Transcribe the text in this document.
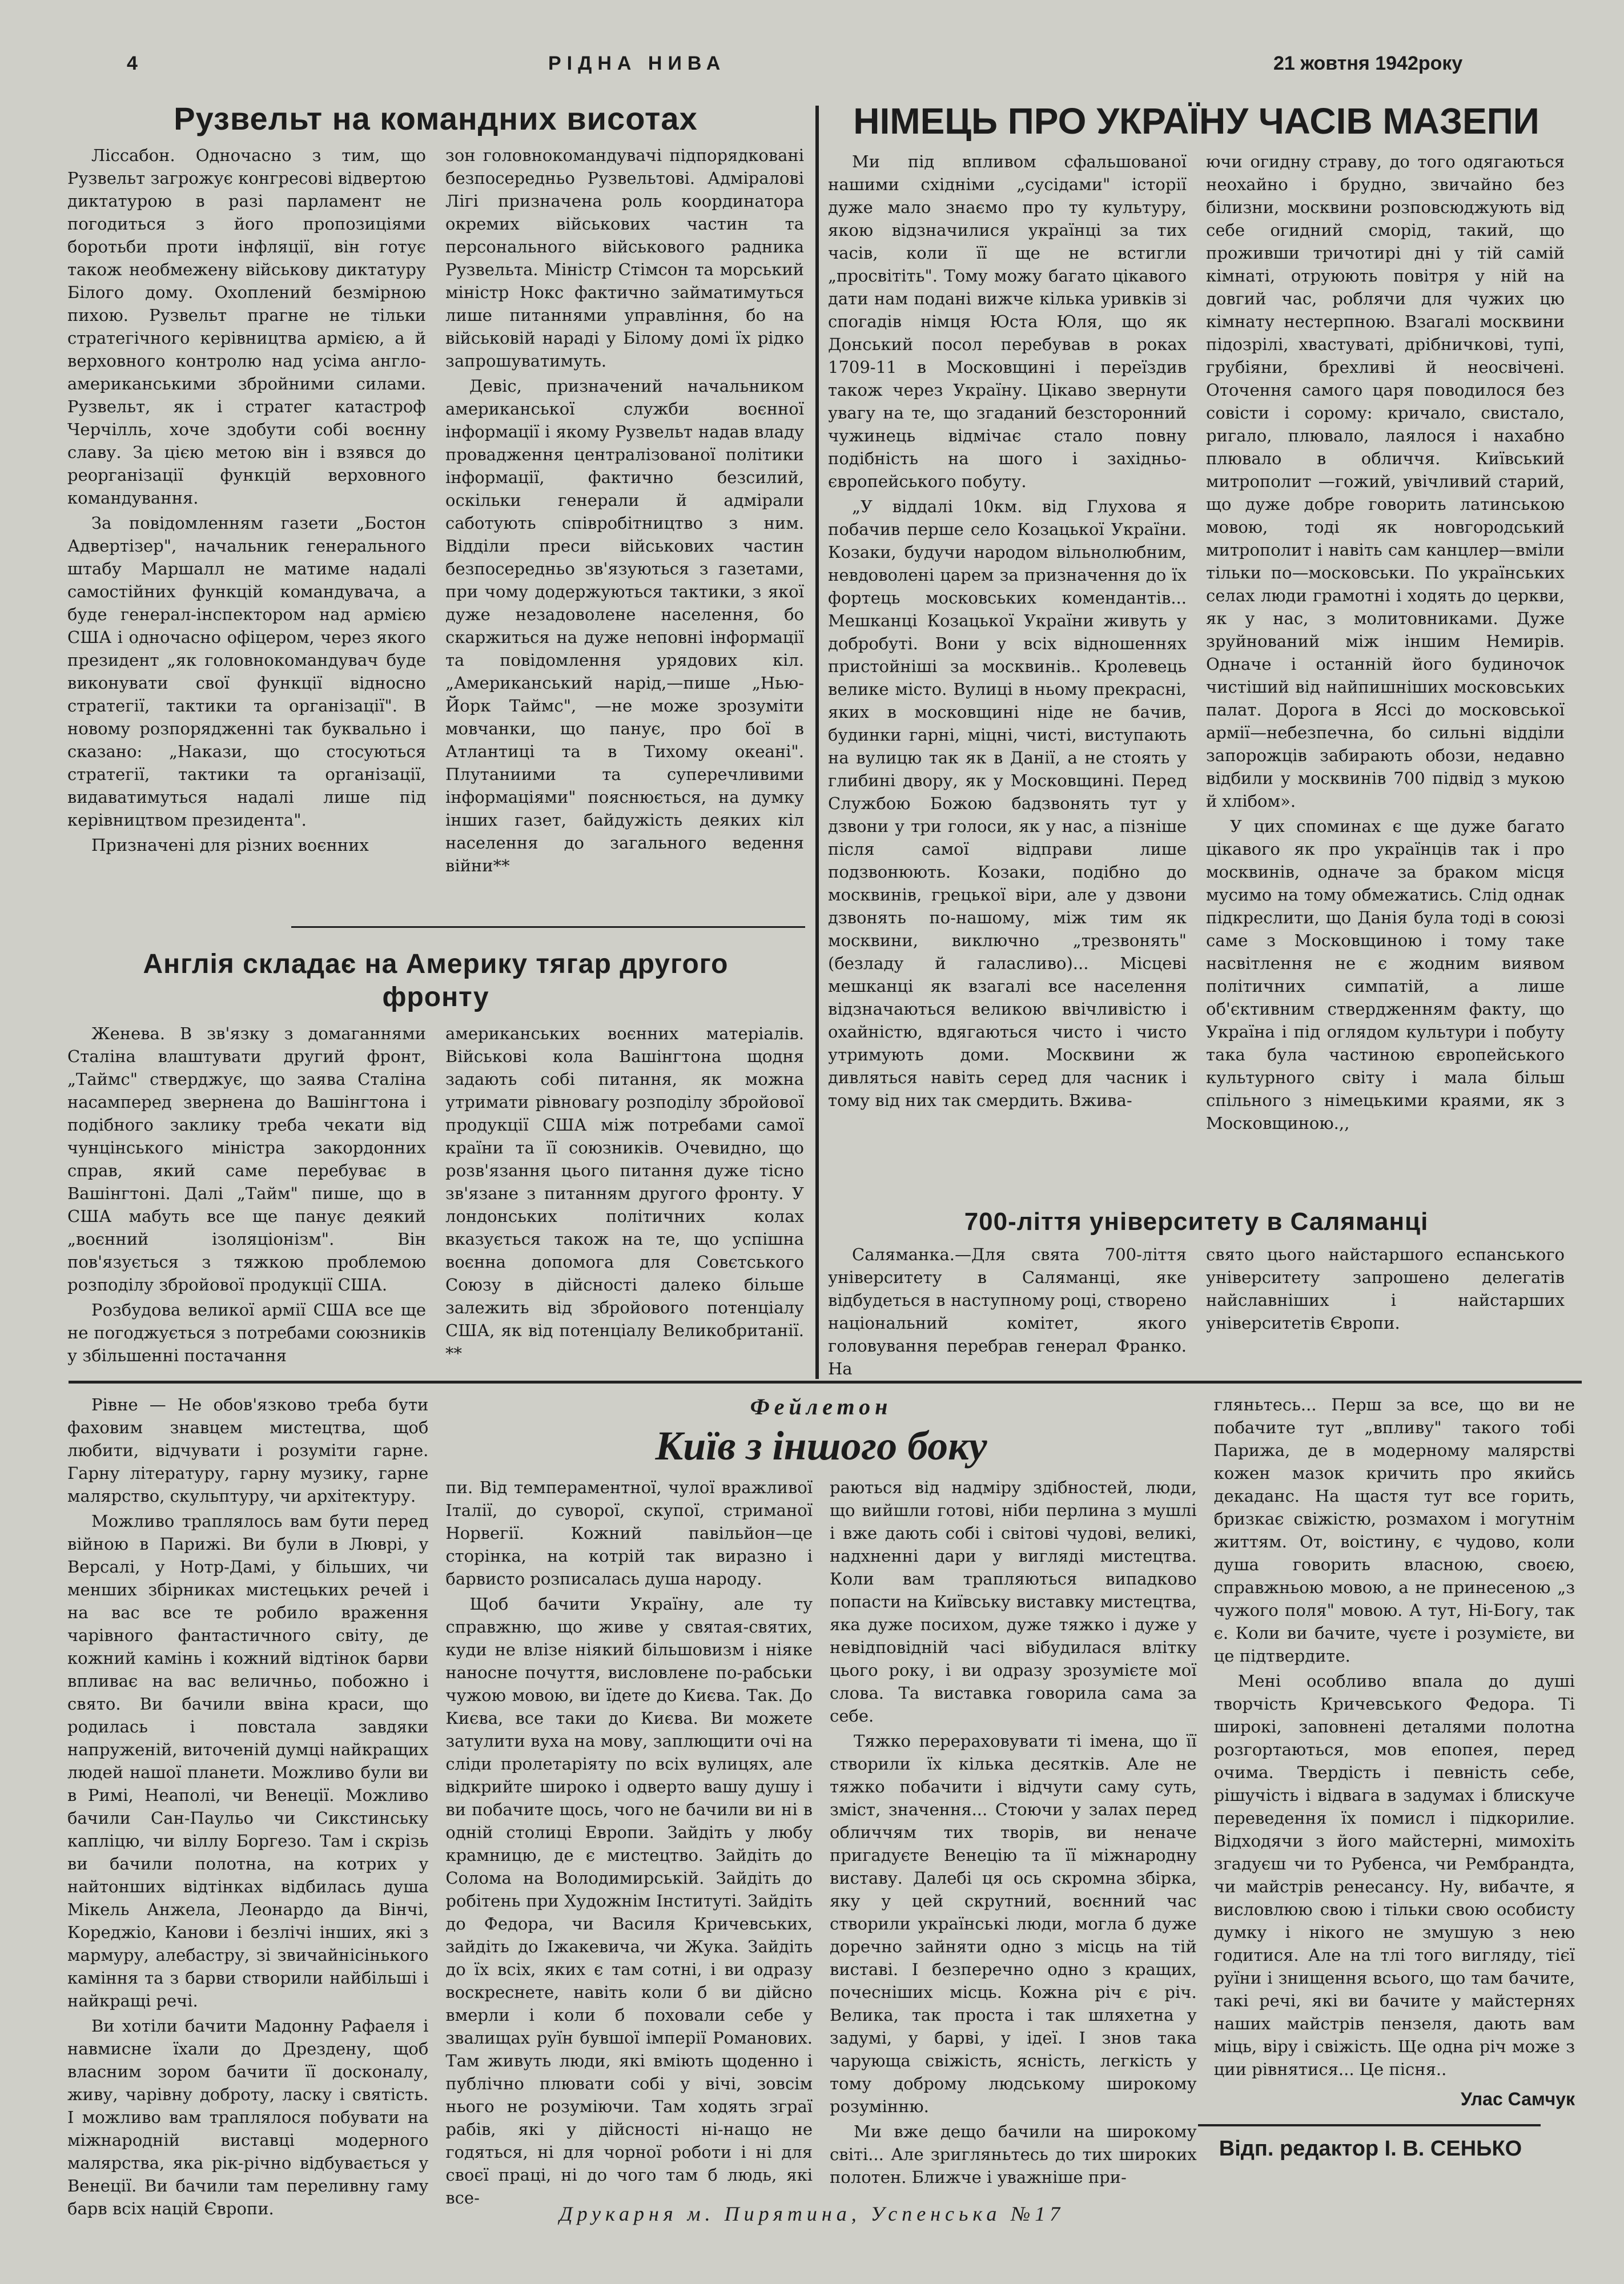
4	РІДНА НИВА	21 жовтня 1942року
Рузвельт на командних висотах

Ліссабон. Одночасно з тим, що Рузвельт загрожує конгресові відвертою диктатурою в разі парламент не погодиться з його пропозиціями боротьби проти інфляції, він готує також необмежену військову диктатуру Білого дому. Охоплений безмірною пихою. Рузвельт прагне не тільки стратегічного керівництва армією, а й верховного контролю над усіма англо-американськими збройними силами. Рузвельт, як і стратег катастроф Черчілль, хоче здобути собі воєнну славу. За цією метою він і взявся до реорганізації функцій верховного командування.

За повідомленням газети „Бостон Адвертізер", начальник генерального штабу Маршалл не матиме надалі самостійних функцій командувача, а буде генерал-інспектором над армією США і одночасно офіцером, через якого президент „як головнокомандувач буде виконувати свої функції відносно стратегії, тактики та організації". В новому розпорядженні так буквально і сказано: „Накази, що стосуються стратегії, тактики та організації, видаватимуться надалі лише під керівництвом президента".

Призначені для різних воєнних

зон головнокомандувачі підпорядковані безпосередньо Рузвельтові. Адміралові Лігі призначена роль координатора окремих військових частин та персонального військового радника Рузвельта. Міністр Стімсон та морський міністр Нокс фактично займатимуться лише питаннями управління, бо на військовій нараді у Білому домі їх рідко запрошуватимуть.

Девіс, призначений начальником американської служби воєнної інформації і якому Рузвельт надав владу провадження централізованої політики інформації, фактично безсилий, оскільки генерали й адмірали саботують співробітництво з ним. Відділи преси військових частин безпосередньо зв'язуються з газетами, при чому додержуються тактики, з якої дуже незадоволене населення, бо скаржиться на дуже неповні інформації та повідомлення урядових кіл. „Американський нарід,—пише „Нью-Йорк Таймс", —не може зрозуміти мовчанки, що панує, про бої в Атлантиці та в Тихому океані". Плутаниими та суперечливими інформаціями" пояснюється, на думку інших газет, байдужість деяких кіл населення до загального ведення війни**

Англія складає на Америку тягар другого фронту

Женева. В зв'язку з домаганнями Сталіна влаштувати другий фронт, „Таймс" стверджує, що заява Сталіна насамперед звернена до Вашінгтона і подібного заклику треба чекати від чунцінського міністра закордонних справ, який саме перебуває в Вашінгтоні. Далі „Тайм" пише, що в США мабуть все ще панує деякий „воєнний ізоляціонізм". Він пов'язується з тяжкою проблемою розподілу збройової продукції США.

Розбудова великої армії США все ще не погоджується з потребами союзників у збільшенні постачання

американських воєнних матеріалів. Військові кола Вашінгтона щодня задають собі питання, як можна утримати рівновагу розподілу збройової продукції США між потребами самої країни та її союзників. Очевидно, що розв'язання цього питання дуже тісно зв'язане з питанням другого фронту. У лондонських політичних колах вказується також на те, що успішна воєнна допомога для Совєтського Союзу в дійсності далеко більше залежить від збройового потенціалу США, як від потенціалу Великобританії. **

НІМЕЦЬ ПРО УКРАЇНУ ЧАСІВ МАЗЕПИ

Ми під впливом сфальшованої нашими східніми „сусідами" історії дуже мало знаємо про ту культуру, якою відзначилися українці за тих часів, коли її ще не встигли „просвітіть". Тому можу багато цікавого дати нам подані вижче кілька уривків зі спогадів німця Юста Юля, що як Донський посол перебував в роках 1709-11 в Московщині і переїздив також через Україну. Цікаво звернути увагу на те, що згаданий безсторонний чужинець відмічає стало повну подібність на шого і західньо-європейського побуту.

„У віддалі 10км. від Глухова я побачив перше село Козацької України. Козаки, будучи народом вільнолюбним, невдоволені царем за призначення до їх фортець московських комендантів... Мешканці Козацької України живуть у добробуті. Вони у всіх відношеннях пристойніші за москвинів.. Кролевець велике місто. Вулиці в ньому прекрасні, яких в московщині ніде не бачив, будинки гарні, міцні, чисті, виступають на вулицю так як в Данії, а не стоять у глибині двору, як у Московщині. Перед Службою Божою бадзвонять тут у дзвони у три голоси, як у нас, а пізніше після самої відправи лише подзвонюють. Козаки, подібно до москвинів, грецької віри, але у дзвони дзвонять по-нашому, між тим як москвини, виключно „трезвонять" (безладу й галасливо)... Місцеві мешканці як взагалі все населення відзначаються великою ввічливістю і охайністю, вдягаються чисто і чисто утримують доми. Москвини ж дивляться навіть серед для часник і тому від них так смердить. Вжива-

ючи огидну страву, до того одягаються неохайно і брудно, звичайно без білизни, москвини розповсюджують від себе огидний сморід, такий, що проживши тричотирі дні у тій самій кімнаті, отруюють повітря у ній на довгий час, роблячи для чужих цю кімнату нестерпною. Взагалі москвини підозрілі, хвастуваті, дрібничкові, тупі, грубіяни, брехливі й неосвічені. Оточення самого царя поводилося без совісти і сорому: кричало, свистало, ригало, плювало, лаялося і нахабно плювало в обличчя. Київський митрополит —гожий, увічливий старий, що дуже добре говорить латинською мовою, тоді як новгородський митрополит і навіть сам канцлер—вміли тільки по—московськи. По українських селах люди грамотні і ходять до церкви, як у нас, з молитовниками. Дуже зруйнований між іншим Немирів. Одначе і останній його будиночок чистіший від найпишніших московських палат. Дорога в Яссі до московської армії—небезпечна, бо сильні відділи запорожців забирають обози, недавно відбили у москвинів 700 підвід з мукою й хлібом».

У цих споминах є ще дуже багато цікавого як про українців так і про москвинів, одначе за браком місця мусимо на тому обмежатись. Слід однак підкреслити, що Данія була тоді в союзі саме з Московщиною і тому таке насвітлення не є жодним виявом політичних симпатій, а лише об'єктивним ствердженням факту, що Україна і під оглядом культури і побуту така була частиною європейського культурного світу і мала більш спільного з німецькими краями, як з Московщиною.,,

700-ліття університету в Саляманці

Саляманка.—Для свята 700-ліття університету в Саляманці, яке відбудеться в наступному році, створено національний комітет, якого головування перебрав генерал Франко. На

свято цього найстаршого еспанського університету запрошено делегатів найславніших і найстарших університетів Європи.

Рівне — Не обов'язково треба бути фаховим знавцем мистецтва, щоб любити, відчувати і розуміти гарне. Гарну літературу, гарну музику, гарне малярство, скульптуру, чи архітектуру.

Можливо траплялось вам бути перед війною в Парижі. Ви були в Люврі, у Версалі, у Нотр-Дамі, у більших, чи менших збірниках мистецьких речей і на вас все те робило враження чарівного фантастичного світу, де кожний камінь і кожний відтінок барви впливає на вас величньо, побожно і свято. Ви бачили ввіна краси, що родилась і повстала завдяки напруженій, виточеній думці найкращих людей нашої планети. Можливо були ви в Римі, Неаполі, чи Венеції. Можливо бачили Сан-Паульо чи Сикстинську капліцю, чи віллу Боргезо. Там і скрізь ви бачили полотна, на котрих у найтонших відтінках відбилась душа Мікель Анжела, Леонардо да Вінчі, Кореджіо, Канови і безлічі інших, які з мармуру, алебастру, зі звичайнісінького каміння та з барви створили найбільші і найкращі речі.

Ви хотіли бачити Мадонну Рафаеля і навмисне їхали до Дрездену, щоб власним зором бачити її досконалу, живу, чарівну доброту, ласку і святість. І можливо вам траплялося побувати на міжнародній виставці модерного малярства, яка рік-річно відбувається у Венеції. Ви бачили там переливну гаму барв всіх націй Європи.

Фейлетон
Київ з іншого боку

пи. Від темпераментної, чулої вражливої Італії, до суворої, скупої, стриманої Норвегії. Кожний павільйон—це сторінка, на котрій так виразно і барвисто розписалась душа народу.

Щоб бачити Україну, але ту справжню, що живе у святая-святих, куди не влізе ніякий більшовизм і ніяке наносне почуття, висловлене по-рабськи чужою мовою, ви їдете до Києва. Так. До Києва, все таки до Києва. Ви можете затулити вуха на мову, заплющити очі на сліди пролетаріяту по всіх вулицях, але відкрийте широко і одверто вашу душу і ви побачите щось, чого не бачили ви ні в одній столиці Европи. Зайдіть у любу крамницю, де є мистецтво. Зайдіть до Солома на Володимирській. Зайдіть до робітень при Художнім Інституті. Зайдіть до Федора, чи Василя Кричевських, зайдіть до Іжакевича, чи Жука. Зайдіть до їх всіх, яких є там сотні, і ви одразу воскреснете, навіть коли б ви дійсно вмерли і коли б поховали себе у звалищах руїн бувшої імперії Романових. Там живуть люди, які вміють щоденно і публічно плювати собі у вічі, зовсім нього не розуміючи. Там ходять зграї рабів, які у дійсності ні-нащо не годяться, ні для чорної роботи і ні для своєї праці, ні до чого там б людь, які все-

раються від надміру здібностей, люди, що вийшли готові, ніби перлина з мушлі і вже дають собі і світові чудові, великі, надхненні дари у вигляді мистецтва. Коли вам трапляються випадково попасти на Київську виставку мистецтва, яка дуже посихом, дуже тяжко і дуже у невідповідній часі вібудилася влітку цього року, і ви одразу зрозумієте мої слова. Та виставка говорила сама за себе.

Тяжко перераховувати ті імена, що її створили їх кілька десятків. Але не тяжко побачити і відчути саму суть, зміст, значення... Стоючи у залах перед обличчям тих творів, ви неначе пригадуєте Венецію та її міжнародну виставу. Далебі ця ось скромна збірка, яку у цей скрутний, воєнний час створили українські люди, могла б дуже доречно зайняти одно з місць на тій виставі. І безперечно одно з кращих, почесніших місць. Кожна річ є річ. Велика, так проста і так шляхетна у задумі, у барві, у ідеї. І знов така чарующа свіжість, ясність, легкість у тому доброму людському широкому розумінню.

Ми вже дещо бачили на широкому світі... Але зригляньтесь до тих широких полотен. Ближче і уважніше при-

гляньтесь... Перш за все, що ви не побачите тут „впливу" такого тобі Парижа, де в модерному малярстві кожен мазок кричить про якийсь декаданс. На щастя тут все горить, бризкає свіжістю, розмахом і могутнім життям. От, воістину, є чудово, коли душа говорить власною, своєю, справжньою мовою, а не принесеною „з чужого поля" мовою. А тут, Ні-Богу, так є. Коли ви бачите, чуєте і розумієте, ви це підтвердите.

Мені особливо впала до душі творчість Кричевського Федора. Ті широкі, заповнені деталями полотна розгортаються, мов епопея, перед очима. Твердість і певність себе, рішучість і відвага в задумах і блискуче переведення їх помисл і підкорилие. Відходячи з його майстерні, мимохіть згадуєш чи то Рубенса, чи Рембрандта, чи майстрів ренесансу. Ну, вибачте, я висловлюю свою і тільки свою особисту думку і нікого не змушую з нею годитися. Але на тлі того вигляду, тієї руїни і знищення всього, що там бачите, такі речі, які ви бачите у майстернях наших майстрів пензеля, дають вам міць, віру і свіжість. Ще одна річ може з ции рівнятися... Це пісня..

Улас Самчук
Відп. редактор І. В. СЕНЬКО
Друкарня м. Пирятина, Успенська №17
